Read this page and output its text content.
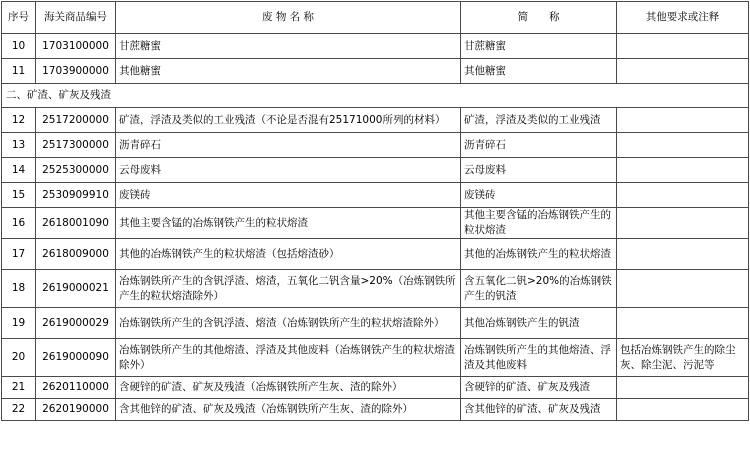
序号	海关商品编号	废 物 名 称	简　　称	其他要求或注释
10	1703100000	甘蔗糖蜜	甘蔗糖蜜	
11	1703900000	其他糖蜜	其他糖蜜	
二、矿渣、矿灰及残渣				
12	2517200000	矿渣，浮渣及类似的工业残渣（不论是否混有25171000所列的材料）	矿渣，浮渣及类似的工业残渣	
13	2517300000	沥青碎石	沥青碎石	
14	2525300000	云母废料	云母废料	
15	2530909910	废镁砖	废镁砖	
16	2618001090	其他主要含锰的冶炼钢铁产生的粒状熔渣	其他主要含锰的冶炼钢铁产生的粒状熔渣	
17	2618009000	其他的冶炼钢铁产生的粒状熔渣（包括熔渣砂）	其他的冶炼钢铁产生的粒状熔渣	
18	2619000021	冶炼钢铁所产生的含钒浮渣、熔渣，五氧化二钒含量>20%（冶炼钢铁所产生的粒状熔渣除外）	含五氧化二钒>20%的冶炼钢铁产生的钒渣	
19	2619000029	冶炼钢铁所产生的含钒浮渣、熔渣（冶炼钢铁所产生的粒状熔渣除外）	其他冶炼钢铁产生的钒渣	
20	2619000090	冶炼钢铁所产生的其他熔渣、浮渣及其他废料（冶炼钢铁产生的粒状熔渣除外）	冶炼钢铁所产生的其他熔渣、浮渣及其他废料	包括冶炼钢铁产生的除尘灰、除尘泥、污泥等
21	2620110000	含硬锌的矿渣、矿灰及残渣（冶炼钢铁所产生灰、渣的除外）	含硬锌的矿渣、矿灰及残渣	
22	2620190000	含其他锌的矿渣、矿灰及残渣（冶炼钢铁所产生灰、渣的除外）	含其他锌的矿渣、矿灰及残渣	
